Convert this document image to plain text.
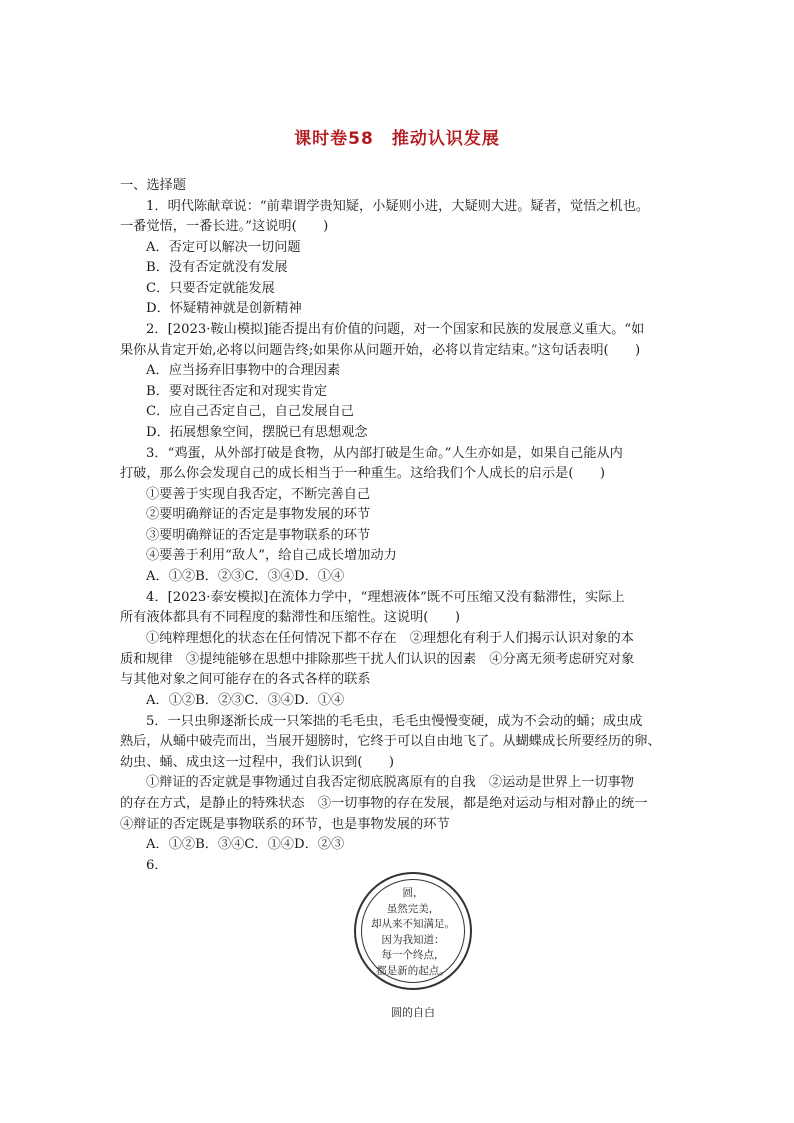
课时卷58　推动认识发展
一、选择题
1．明代陈献章说：“前辈谓学贵知疑，小疑则小进，大疑则大进。疑者，觉悟之机也。
一番觉悟，一番长进。”这说明(　　)
A．否定可以解决一切问题
B．没有否定就没有发展
C．只要否定就能发展
D．怀疑精神就是创新精神
2．[2023·鞍山模拟]能否提出有价值的问题，对一个国家和民族的发展意义重大。“如
果你从肯定开始,必将以问题告终;如果你从问题开始，必将以肯定结束。”这句话表明(　　)
A．应当扬弃旧事物中的合理因素
B．要对既往否定和对现实肯定
C．应自己否定自己，自己发展自己
D．拓展想象空间，摆脱已有思想观念
3．“鸡蛋，从外部打破是食物，从内部打破是生命。”人生亦如是，如果自己能从内
打破，那么你会发现自己的成长相当于一种重生。这给我们个人成长的启示是(　　)
①要善于实现自我否定，不断完善自己
②要明确辩证的否定是事物发展的环节
③要明确辩证的否定是事物联系的环节
④要善于利用“敌人”，给自己成长增加动力
A．①②B．②③C．③④D．①④
4．[2023·泰安模拟]在流体力学中，“理想液体”既不可压缩又没有黏滞性，实际上
所有液体都具有不同程度的黏滞性和压缩性。这说明(　　)
①纯粹理想化的状态在任何情况下都不存在　②理想化有利于人们揭示认识对象的本
质和规律　③提纯能够在思想中排除那些干扰人们认识的因素　④分离无须考虑研究对象
与其他对象之间可能存在的各式各样的联系
A．①②B．②③C．③④D．①④
5．一只虫卵逐渐长成一只笨拙的毛毛虫，毛毛虫慢慢变硬，成为不会动的蛹；成虫成
熟后，从蛹中破壳而出，当展开翅膀时，它终于可以自由地飞了。从蝴蝶成长所要经历的卵、
幼虫、蛹、成虫这一过程中，我们认识到(　　)
①辩证的否定就是事物通过自我否定彻底脱离原有的自我　②运动是世界上一切事物
的存在方式，是静止的特殊状态　③一切事物的存在发展，都是绝对运动与相对静止的统一
④辩证的否定既是事物联系的环节，也是事物发展的环节
A．①②B．③④C．①④D．②③
6．
圆，
虽然完美，
却从来不知满足。
因为我知道：
每一个终点，
都是新的起点。
圆的自白
